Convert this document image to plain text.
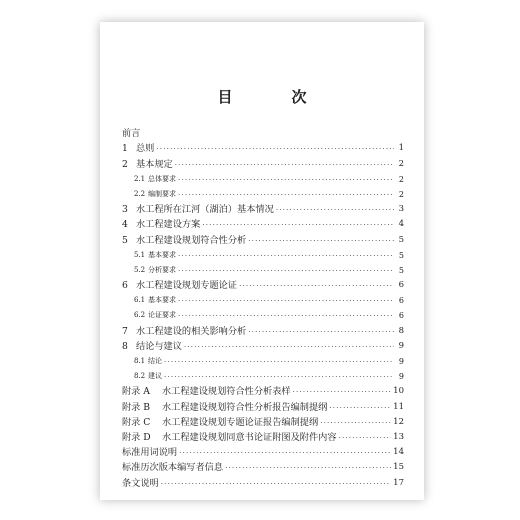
目　次
前言
1 总则 ·····	1
2 基本规定 ·····	2
2.1 总体要求 ·····	2
2.2 编制要求 ·····	2
3 水工程所在江河（湖泊）基本情况 ·····	3
4 水工程建设方案 ·····	4
5 水工程建设规划符合性分析 ·····	5
5.1 基本要求 ·····	5
5.2 分析要求 ·····	5
6 水工程建设规划专题论证 ·····	6
6.1 基本要求 ·····	6
6.2 论证要求 ·····	6
7 水工程建设的相关影响分析 ·····	8
8 结论与建议 ·····	9
8.1 结论 ·····	9
8.2 建议 ·····	9
附录 A	水工程建设规划符合性分析表样 ·····	10
附录 B	水工程建设规划符合性分析报告编制提纲 ·····	11
附录 C	水工程建设规划专题论证报告编制提纲 ·····	12
附录 D	水工程建设规划同意书论证附图及附件内容 ·····	13
标准用词说明 ·····	14
标准历次版本编写者信息 ·····	15
条文说明 ·····	17
